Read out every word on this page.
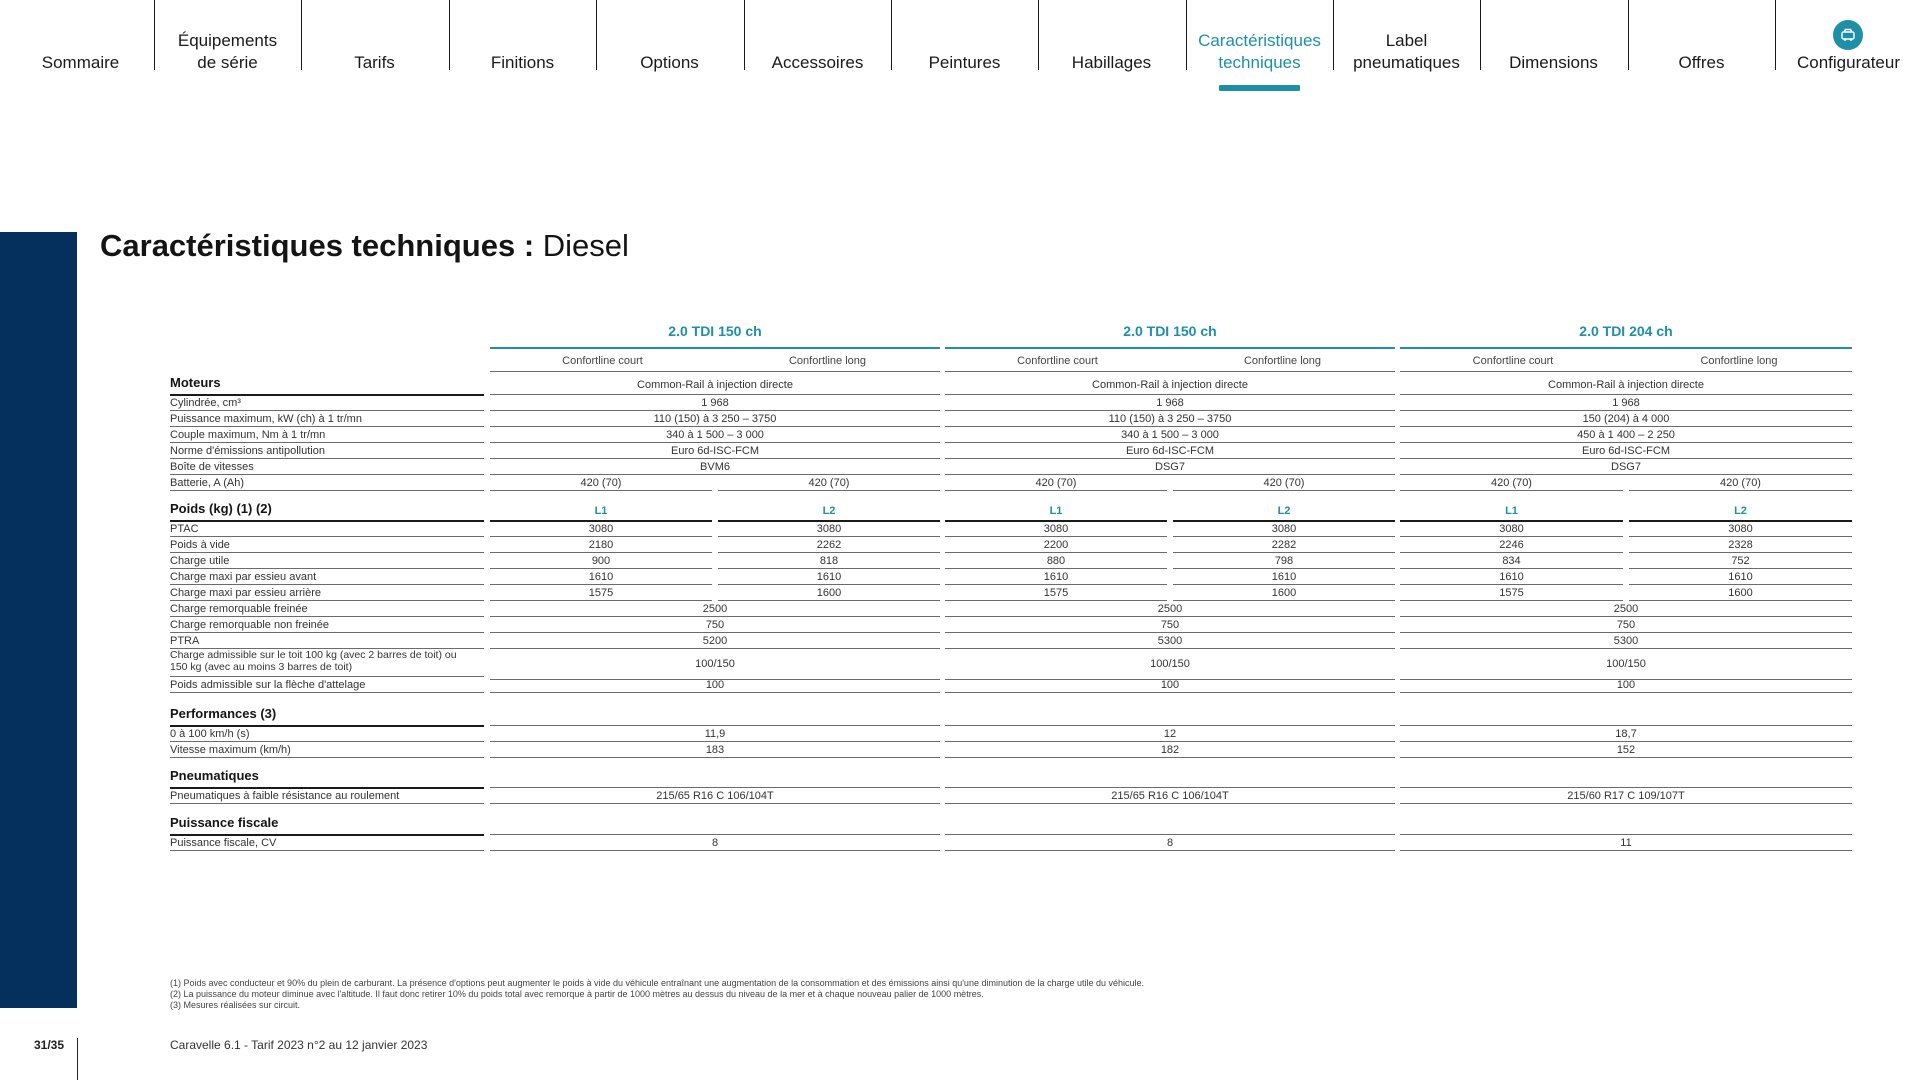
Sommaire
Équipements
de série	Tarifs	Finitions	Options	Accessoires	Peintures	Habillages
Caractéristiques
techniques
Label
pneumatiques	Dimensions	Offres	Configurateur
Caractéristiques techniques : Diesel
2.0 TDI 150 ch
Confortline court	Confortline long
2.0 TDI 150 ch
Confortline court	Confortline long
2.0 TDI 204 ch
Confortline court	Confortline long
Moteurs	Common-Rail à injection directe	Common-Rail à injection directe	Common-Rail à injection directe
Cylindrée, cm³	1 968	1 968	1 968
Puissance maximum, kW (ch) à 1 tr/mn	110 (150) à 3 250 – 3750	110 (150) à 3 250 – 3750	150 (204) à 4 000
Couple maximum, Nm à 1 tr/mn	340 à 1 500 – 3 000	340 à 1 500 – 3 000	450 à 1 400 – 2 250
Norme d'émissions antipollution	Euro 6d-ISC-FCM	Euro 6d-ISC-FCM	Euro 6d-ISC-FCM
Boîte de vitesses	BVM6	DSG7	DSG7
Batterie, A (Ah)	420 (70)	420 (70)	420 (70)	420 (70)	420 (70)	420 (70)
Poids (kg) (1) (2)	L1	L2	L1	L2	L1	L2
PTAC	3080	3080	3080	3080	3080	3080
Poids à vide	2180	2262	2200	2282	2246	2328
Charge utile	900	818	880	798	834	752
Charge maxi par essieu avant	1610	1610	1610	1610	1610	1610
Charge maxi par essieu arrière	1575	1600	1575	1600	1575	1600
Charge remorquable freinée	2500	2500	2500
Charge remorquable non freinée	750	750	750
PTRA	5200	5300	5300
Charge admissible sur le toit 100 kg (avec 2 barres de toit) ou
150 kg (avec au moins 3 barres de toit)	100/150	100/150	100/150
Poids admissible sur la flèche d'attelage	100	100	100
Performances (3)
0 à 100 km/h (s)	11,9	12	18,7
Vitesse maximum (km/h)	183	182	152
Pneumatiques
Pneumatiques à faible résistance au roulement	215/65 R16 C 106/104T	215/65 R16 C 106/104T	215/60 R17 C 109/107T
Puissance fiscale
Puissance fiscale, CV	8	8	11
(1) Poids avec conducteur et 90% du plein de carburant. La présence d'options peut augmenter le poids à vide du véhicule entraînant une augmentation de la consommation et des émissions ainsi qu'une diminution de la charge utile du véhicule.
(2) La puissance du moteur diminue avec l'altitude. Il faut donc retirer 10% du poids total avec remorque à partir de 1000 mètres au dessus du niveau de la mer et à chaque nouveau palier de 1000 mètres.
(3) Mesures réalisées sur circuit.
31/35	Caravelle 6.1 - Tarif 2023 n°2 au 12 janvier 2023
